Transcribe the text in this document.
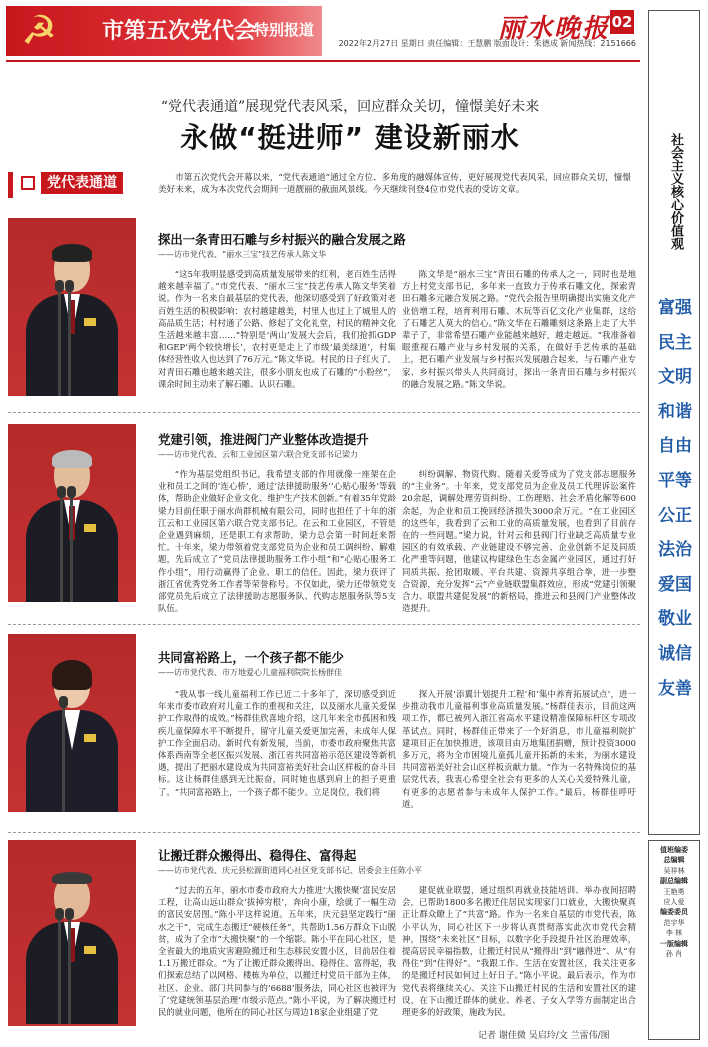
☭	市第五次党代会
特别报道	丽水晚报 02
2022年2月27日 星期日 责任编辑：王慧鹏 版面设计：朱德成 新闻热线：2151666
“党代表通道”展现党代表风采，回应群众关切，憧憬美好未来
永做“挺进师” 建设新丽水
党代表通道	市第五次党代会开幕以来，“党代表通道”通过全方位、多角度的融媒体宣传，更好展现党代表风采，回应群众关切，憧憬美好未来，成为本次党代会期间一道靓丽的截面风景线。今天继续刊登4位市党代表的受访文章。
探出一条青田石雕与乡村振兴的融合发展之路
——访市党代表、“丽水三宝”技艺传承人陈文华

“这5年我明显感受到高质量发展带来的红利，老百姓生活得越来越幸福了。”市党代表、“丽水三宝”技艺传承人陈文华笑着说。作为一名来自最基层的党代表，他深切感受到了好政策对老百姓生活的积极影响：农村越建越美，村里人也过上了城里人的高品质生活；村村通了公路、修起了文化礼堂，村民的精神文化生活越来越丰富……“特别是‘两山’发展大会后，我们抢抓GDP和GEP‘两个较快增长’，农村更是走上了市级‘最美绿道’，村集体经营性收入也达到了76万元。”陈文华说。村民的日子红火了，对青田石雕也越来越关注，很多小朋友也成了石雕的“小粉丝”，课余时间主动来了解石雕、认识石雕。

陈文华是“丽水三宝”青田石雕的传承人之一，同时也是地方上村党支部书记，多年来一直致力于传承石雕文化，探索青田石雕多元融合发展之路。“党代会报告里明确提出实施文化产业倍增工程，培育利用石雕、木玩等百亿文化产业集群，这给了石雕艺人莫大的信心。”陈文华在石雕雕刻这条路上走了大半辈子了，非常希望石雕产业能越来越好，越走越远。“我准备着眼重视石雕产业与乡村发展的关系，在做好手艺传承的基础上，把石雕产业发展与乡村振兴发展融合起来，与石雕产业专家、乡村振兴带头人共同商讨，探出一条青田石雕与乡村振兴的融合发展之路。”陈文华说。

党建引领，推进阀门产业整体改造提升
——访市党代表、云和工业园区第六联合党支部书记梁力

“作为基层党组织书记，我希望支部的作用就像一座架在企业和员工之间的‘连心桥’，通过‘法律援助服务’‘心贴心服务’等载体，帮助企业做好企业文化、维护生产技术创新。”有着35年党龄梁力目前任职于丽水尚群机械有限公司，同时也担任了十年的浙江云和工业园区第六联合党支部书记。在云和工业园区，不管是企业遇到麻烦，还是职工有求帮助，梁力总会第一时间赶来帮忙。十年来，梁力带领着党支部党员为企业和员工调纠纷、解难题，先后成立了“党员法律援助服务工作小组”和“心贴心服务工作小组”，用行动赢得了企业、职工的信任。因此，梁力获评了浙江省优秀党务工作者等荣誉称号。不仅如此，梁力还带领党支部党员先后成立了法律援助志愿服务队、代购志愿服务队等5支队伍。

纠纷调解、物资代购、随着关爱等成为了党支部志愿服务的“主业务”。十年来，党支部党员为企业及员工代理诉讼案件20余起，调解处理劳资纠纷、工伤理赔、社会矛盾化解等600余起，为企业和员工挽回经济损失3000余万元。“在工业园区的这些年，我看到了云和工业的高质量发展，也看到了目前存在的一些问题。”梁力说，针对云和县阀门行业缺乏高质量专业园区的有效承载、产业链建设不够完善、企业创新不足及同质化严重等问题，他建议构建绿色生态金属产业园区，通过打好同质共振、抢团取暖、平台共建、资源共享组合拳，进一步整合资源，充分发挥“云”产业链联盟集群效应，形成“党建引领聚合力、联盟共建促发展”的新格局，推进云和县阀门产业整体改造提升。

共同富裕路上，一个孩子都不能少
——访市党代表、市万地爱心儿童福利院院长杨群佳

“我从事一线儿童福利工作已近二十多年了，深切感受到近年来市委市政府对儿童工作的重视和关注，以及丽水儿童关爱保护工作取得的成效。”杨群佳欣喜地介绍，这几年来全市孤困和残疾儿童保障水平不断提升，留守儿童关爱更加完善，未成年人保护工作全面启动。新时代有新发展，当前，市委市政府聚焦共富体系西南等全老区振兴发展、浙江省共同富裕示范区建设等新机遇，提出了把丽水建设成为共同富裕美好社会山区样板的奋斗目标。这让杨群佳感到无比振奋，同时她也感到肩上的担子更重了。“共同富裕路上，一个孩子都不能少。立足岗位，我们将

探入开展‘添翼计划提升工程’和‘集中养育拓展试点’，进一步推动我市儿童福利事业高质量发展。”杨群佳表示，目前这两项工作，都已被列入浙江省高水平建设精准保障标杆区专项改革试点。同时，杨群佳正带来了一个好消息，市儿童福利院扩建项目正在加快推进，该项目由万地集团捐赠，预计投资3000多万元，将为全市困境儿童孤儿童开拓新的未来，为丽水建设共同富裕美好社会山区样板贡献力量。“作为一名特殊岗位的基层党代表，我衷心希望全社会有更多的人关心关爱特殊儿童，有更多的志愿者参与未成年人保护工作。”最后，杨群佳呼吁道。

让搬迁群众搬得出、稳得住、富得起
——访市党代表、庆元县松源街道同心社区党支部书记、居委会主任陈小平

“过去的五年，丽水市委市政府大力推进‘大搬快聚’富民安居工程，让高山远山群众‘拔掉穷根’，奔向小康，绘就了一幅生动的富民安居图。”陈小平这样说道。五年来，庆元县坚定践行“丽水之干”，完成生态搬迁“硬核任务”，共帮助1.56万群众下山脱贫，成为了全市“大搬快聚”的一个缩影。陈小平在同心社区，是全省最大的地质灾害避险搬迁和生态移民安置小区，目前居住着1.1万搬迁群众。“为了让搬迁群众搬得出、稳得住、富得起，我们探索总结了以网格、楼栋为单位，以搬迁村党员干部为主体，社区、企业、部门共同参与的‘6688’服务法，同心社区也被评为了‘党建统领基层治理’市级示范点。”陈小平说，为了解决搬迁村民的就业问题，他所在的同心社区与周边18家企业组建了党

建促就业联盟，通过组织再就业技能培训、举办夜间招聘会，已帮助1800多名搬迁住居民实现家门口就业，大搬快聚真正让群众瞭上了“共富”路。作为一名来自基层的市党代表，陈小平认为，同心社区下一步将认真贯彻落实此次市党代会精神，围绕“未来社区”目标，以数字化手段提升社区治理效率，提高居民幸福指数，让搬迁村民从“搬得出”到“融得进”、从“有得住”到“住得好”。“我跟工作、生活在安置社区，我关注更多的是搬迁村民如何过上好日子。”陈小平说。最后表示，作为市党代表将继续关心、关注下山搬迁村民的生活和安置社区的建设，在下山搬迁群体的就业、养老、子女入学等方面制定出合理更多的好政策，施政为民。

记者 谢佳微 吴启玲/文 兰雷伟/图
社会主义核心价值观
富强
民主
文明
和谐
自由
平等
公正
法治
爱国
敬业
诚信
友善
值班编委
总编辑
吴祥林
副总编辑
王艳勇
应人爱
编委委员
范宇华
李 林
一版编辑
孙 肖
